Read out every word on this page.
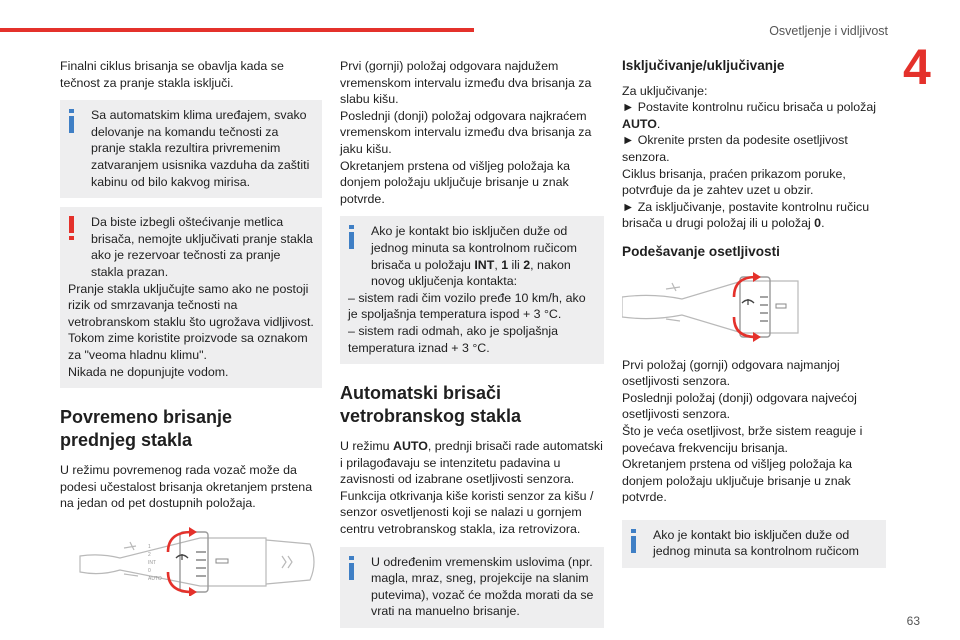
Osvetljenje i vidljivost
4
63

Finalni ciklus brisanja se obavlja kada se tečnost za pranje stakla isključi.

Sa automatskim klima uređajem, svako delovanje na komandu tečnosti za pranje stakla rezultira privremenim zatvaranjem usisnika vazduha da zaštiti kabinu od bilo kakvog mirisa.
Da biste izbegli oštećivanje metlica brisača, nemojte uključivati pranje stakla ako je rezervoar tečnosti za pranje stakla prazan.
Pranje stakla uključujte samo ako ne postoji rizik od smrzavanja tečnosti na vetrobranskom staklu što ugrožava vidljivost.
Tokom zime koristite proizvode sa oznakom za "veoma hladnu klimu".
Nikada ne dopunjujte vodom.
Povremeno brisanje
prednjeg stakla

U režimu povremenog rada vozač može da podesi učestalost brisanja okretanjem prstena na jedan od pet dostupnih položaja.

1
2
INT
0
AUTO

Prvi (gornji) položaj odgovara najdužem vremenskom intervalu između dva brisanja za slabu kišu.

Poslednji (donji) položaj odgovara najkraćem vremenskom intervalu između dva brisanja za jaku kišu.

Okretanjem prstena od višljeg položaja ka donjem položaju uključuje brisanje u znak potvrde.

Ako je kontakt bio isključen duže od jednog minuta sa kontrolnom ručicom brisača u položaju INT, 1 ili 2, nakon novog uključenja kontakta:
– sistem radi čim vozilo pređe 10 km/h, ako je spoljašnja temperatura ispod + 3 °C.
– sistem radi odmah, ako je spoljašnja temperatura iznad + 3 °C.
Automatski brisači
vetrobranskog stakla

U režimu AUTO, prednji brisači rade automatski i prilagođavaju se intenzitetu padavina u zavisnosti od izabrane osetljivosti senzora.

Funkcija otkrivanja kiše koristi senzor za kišu / senzor osvetljenosti koji se nalazi u gornjem centru vetrobranskog stakla, iza retrovizora.

U određenim vremenskim uslovima (npr. magla, mraz, sneg, projekcije na slanim putevima), vozač će možda morati da se vrati na manuelno brisanje.
Isključivanje/uključivanje

Za uključivanje:

► Postavite kontrolnu ručicu brisača u položaj AUTO.

► Okrenite prsten da podesite osetljivost senzora.

Ciklus brisanja, praćen prikazom poruke, potvrđuje da je zahtev uzet u obzir.

► Za isključivanje, postavite kontrolnu ručicu brisača u drugi položaj ili u položaj 0.

Podešavanje osetljivosti

Prvi položaj (gornji) odgovara najmanjoj osetljivosti senzora.

Poslednji položaj (donji) odgovara najvećoj osetljivosti senzora.

Što je veća osetljivost, brže sistem reaguje i povećava frekvenciju brisanja.

Okretanjem prstena od višljeg položaja ka donjem položaju uključuje brisanje u znak potvrde.

Ako je kontakt bio isključen duže od jednog minuta sa kontrolnom ručicom
